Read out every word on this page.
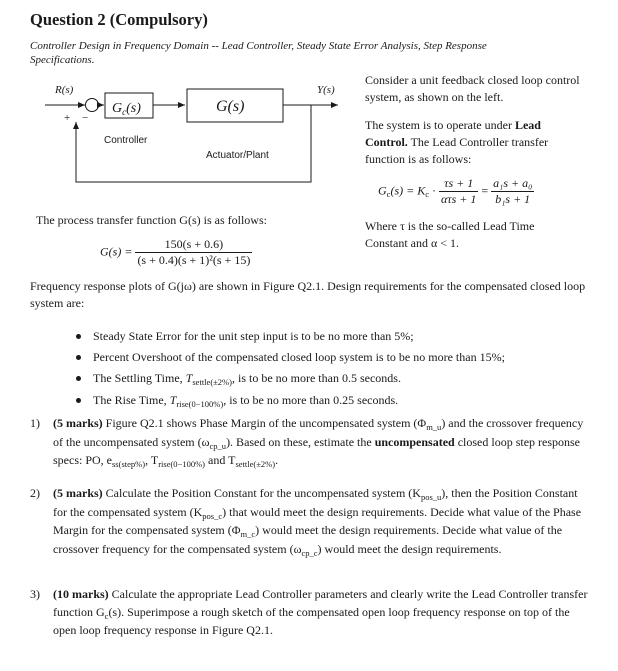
Question 2 (Compulsory)
Controller Design in Frequency Domain -- Lead Controller, Steady State Error Analysis, Step Response Specifications.
R(s)	Y(s)
+ −
Controller
Actuator/Plant
$G_c(s)$	G(s)
Consider a unit feedback closed loop control system, as shown on the left.
The system is to operate under Lead Control. The Lead Controller transfer function is as follows:
$G_c(s) = K_c \cdot \frac{\tau s + 1}{\text{ατs + 1}} = \frac{\text{a₁s + a₀}}{\text{b₁s + 1}}$
Where τ is the so-called Lead Time Constant and α < 1.
The process transfer function G(s) is as follows:
$G(s) = \frac{150(s + 0.6)}{\text{(s + 0.4)(s + 1)²(s + 15)}}$
Frequency response plots of G(jω) are shown in Figure Q2.1. Design requirements for the compensated closed loop system are:
Steady State Error for the unit step input is to be no more than 5%;
Percent Overshoot of the compensated closed loop system is to be no more than 15%;
The Settling Time, $T_{settle(\pm 2\%)}$, is to be no more than 0.5 seconds.
The Rise Time, $T_{rise(0-100\%)}$, is to be no more than 0.25 seconds.
1) (5 marks) Figure Q2.1 shows Phase Margin of the uncompensated system $(\Phi_{m\_u})$ and the crossover frequency of the uncompensated system $(\omega_{cp\_u})$. Based on these, estimate the uncompensated closed loop step response specs: PO, $e_{ss(step\%)}$, $T_{rise(0-100\%)}$ and $T_{settle(\pm 2\%)}$.
2) (5 marks) Calculate the Position Constant for the uncompensated system $(K_{pos\_u})$, then the Position Constant for the compensated system $(K_{pos\_c})$ that would meet the design requirements. Decide what value of the Phase Margin for the compensated system $(\Phi_{m\_c})$ would meet the design requirements. Decide what value of the crossover frequency for the compensated system $(\omega_{cp\_c})$ would meet the design requirements.
3) (10 marks) Calculate the appropriate Lead Controller parameters and clearly write the Lead Controller transfer function $G_c(s)$. Superimpose a rough sketch of the compensated open loop frequency response on top of the open loop frequency response in Figure Q2.1.
